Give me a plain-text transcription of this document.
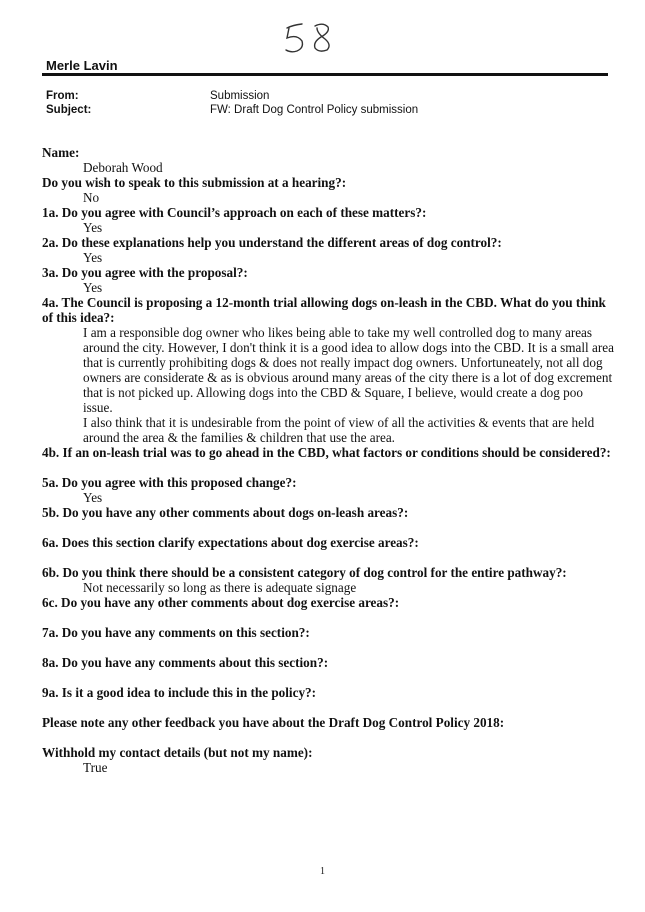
Merle Lavin
From:	Submission
Subject:	FW: Draft Dog Control Policy submission

Name:

Deborah Wood

Do you wish to speak to this submission at a hearing?:

No

1a. Do you agree with Council’s approach on each of these matters?:

Yes

2a. Do these explanations help you understand the different areas of dog control?:

Yes

3a. Do you agree with the proposal?:

Yes

4a. The Council is proposing a 12-month trial allowing dogs on-leash in the CBD. What do you think of this idea?:

I am a responsible dog owner who likes being able to take my well controlled dog to many areas

around the city. However, I don't think it is a good idea to allow dogs into the CBD. It is a small area

that is currently prohibiting dogs & does not really impact dog owners. Unfortuneately, not all dog

owners are considerate & as is obvious around many areas of the city there is a lot of dog excrement

that is not picked up. Allowing dogs into the CBD & Square, I believe, would create a dog poo issue.

I also think that it is undesirable from the point of view of all the activities & events that are held

around the area & the families & children that use the area.

4b. If an on-leash trial was to go ahead in the CBD, what factors or conditions should be considered?:

5a. Do you agree with this proposed change?:

Yes

5b. Do you have any other comments about dogs on-leash areas?:

6a. Does this section clarify expectations about dog exercise areas?:

6b. Do you think there should be a consistent category of dog control for the entire pathway?:

Not necessarily so long as there is adequate signage

6c. Do you have any other comments about dog exercise areas?:

7a. Do you have any comments on this section?:

8a. Do you have any comments about this section?:

9a. Is it a good idea to include this in the policy?:

Please note any other feedback you have about the Draft Dog Control Policy 2018:

Withhold my contact details (but not my name):

True

1
